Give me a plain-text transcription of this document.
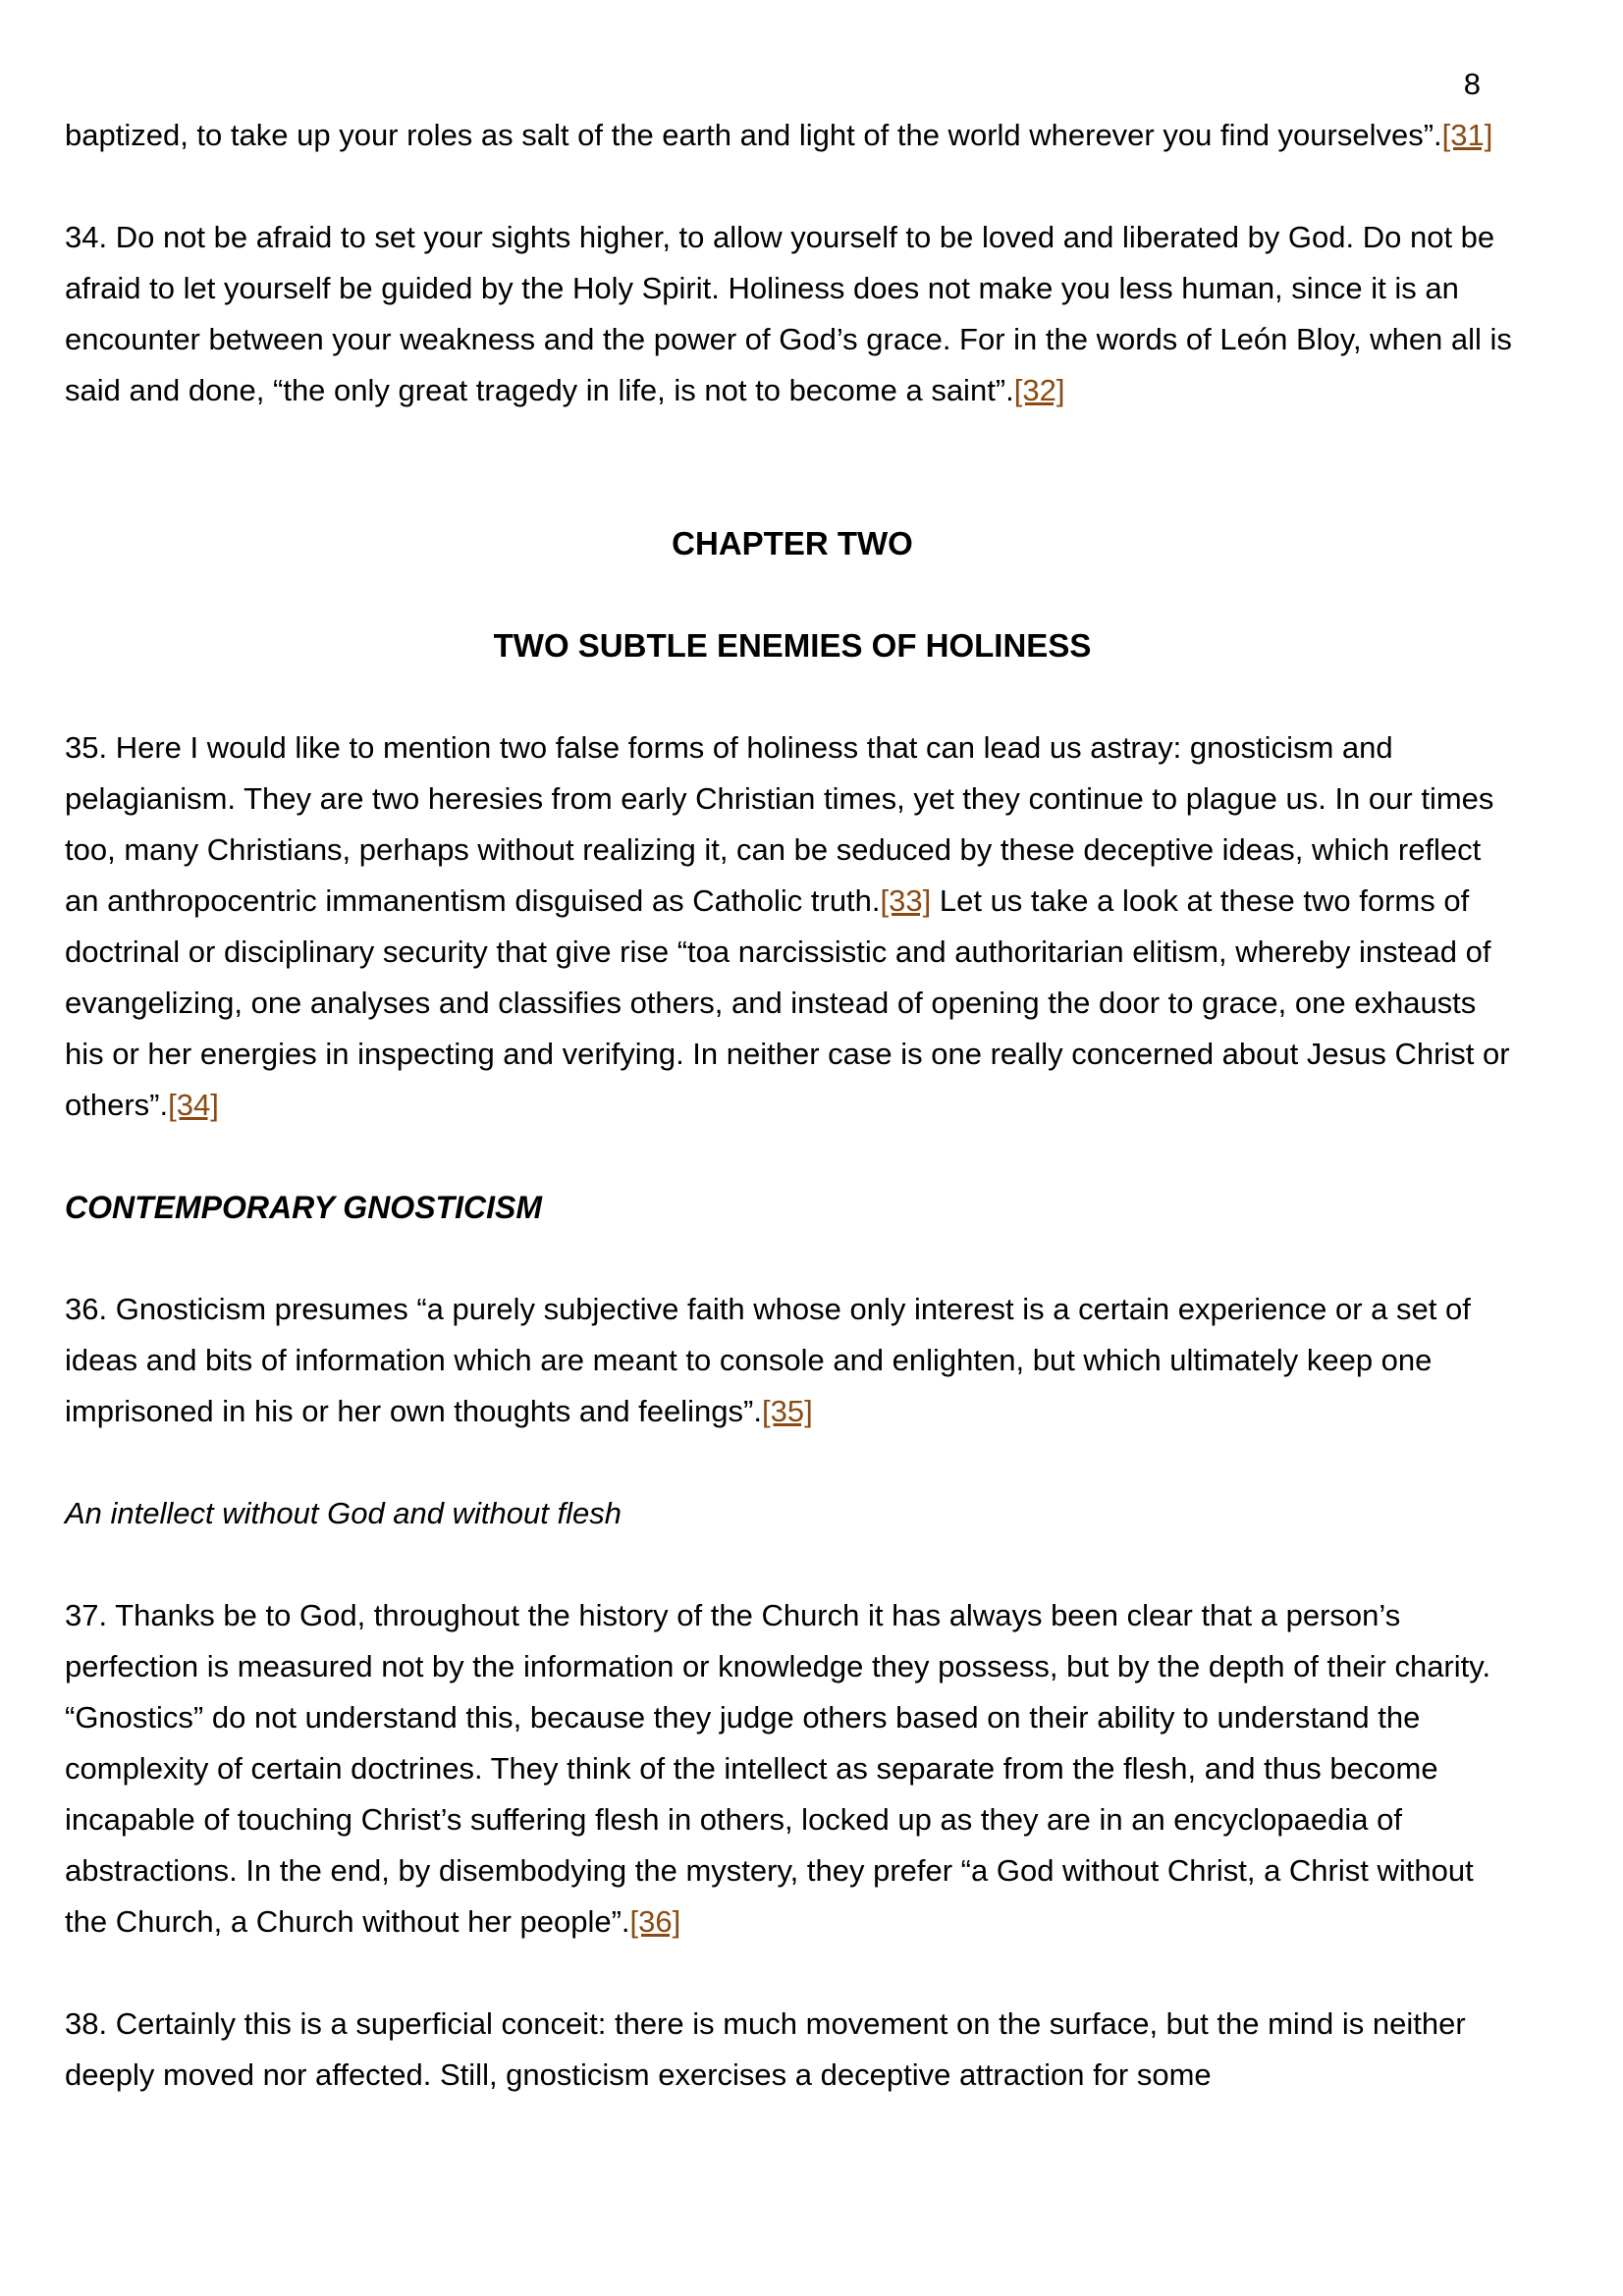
8

baptized, to take up your roles as salt of the earth and light of the world wherever you find yourselves”.[31]

34. Do not be afraid to set your sights higher, to allow yourself to be loved and liberated by God. Do not be afraid to let yourself be guided by the Holy Spirit. Holiness does not make you less human, since it is an encounter between your weakness and the power of God’s grace. For in the words of León Bloy, when all is said and done, “the only great tragedy in life, is not to become a saint”.[32]

CHAPTER TWO
TWO SUBTLE ENEMIES OF HOLINESS

35. Here I would like to mention two false forms of holiness that can lead us astray: gnosticism and pelagianism. They are two heresies from early Christian times, yet they continue to plague us. In our times too, many Christians, perhaps without realizing it, can be seduced by these deceptive ideas, which reflect an anthropocentric immanentism disguised as Catholic truth.[33] Let us take a look at these two forms of doctrinal or disciplinary security that give rise “toa narcissistic and authoritarian elitism, whereby instead of evangelizing, one analyses and classifies others, and instead of opening the door to grace, one exhausts his or her energies in inspecting and verifying. In neither case is one really concerned about Jesus Christ or others”.[34]

CONTEMPORARY GNOSTICISM

36. Gnosticism presumes “a purely subjective faith whose only interest is a certain experience or a set of ideas and bits of information which are meant to console and enlighten, but which ultimately keep one imprisoned in his or her own thoughts and feelings”.[35]

An intellect without God and without flesh

37. Thanks be to God, throughout the history of the Church it has always been clear that a person’s perfection is measured not by the information or knowledge they possess, but by the depth of their charity. “Gnostics” do not understand this, because they judge others based on their ability to understand the complexity of certain doctrines. They think of the intellect as separate from the flesh, and thus become incapable of touching Christ’s suffering flesh in others, locked up as they are in an encyclopaedia of abstractions. In the end, by disembodying the mystery, they prefer “a God without Christ, a Christ without the Church, a Church without her people”.[36]

38. Certainly this is a superficial conceit: there is much movement on the surface, but the mind is neither deeply moved nor affected. Still, gnosticism exercises a deceptive attraction for some
